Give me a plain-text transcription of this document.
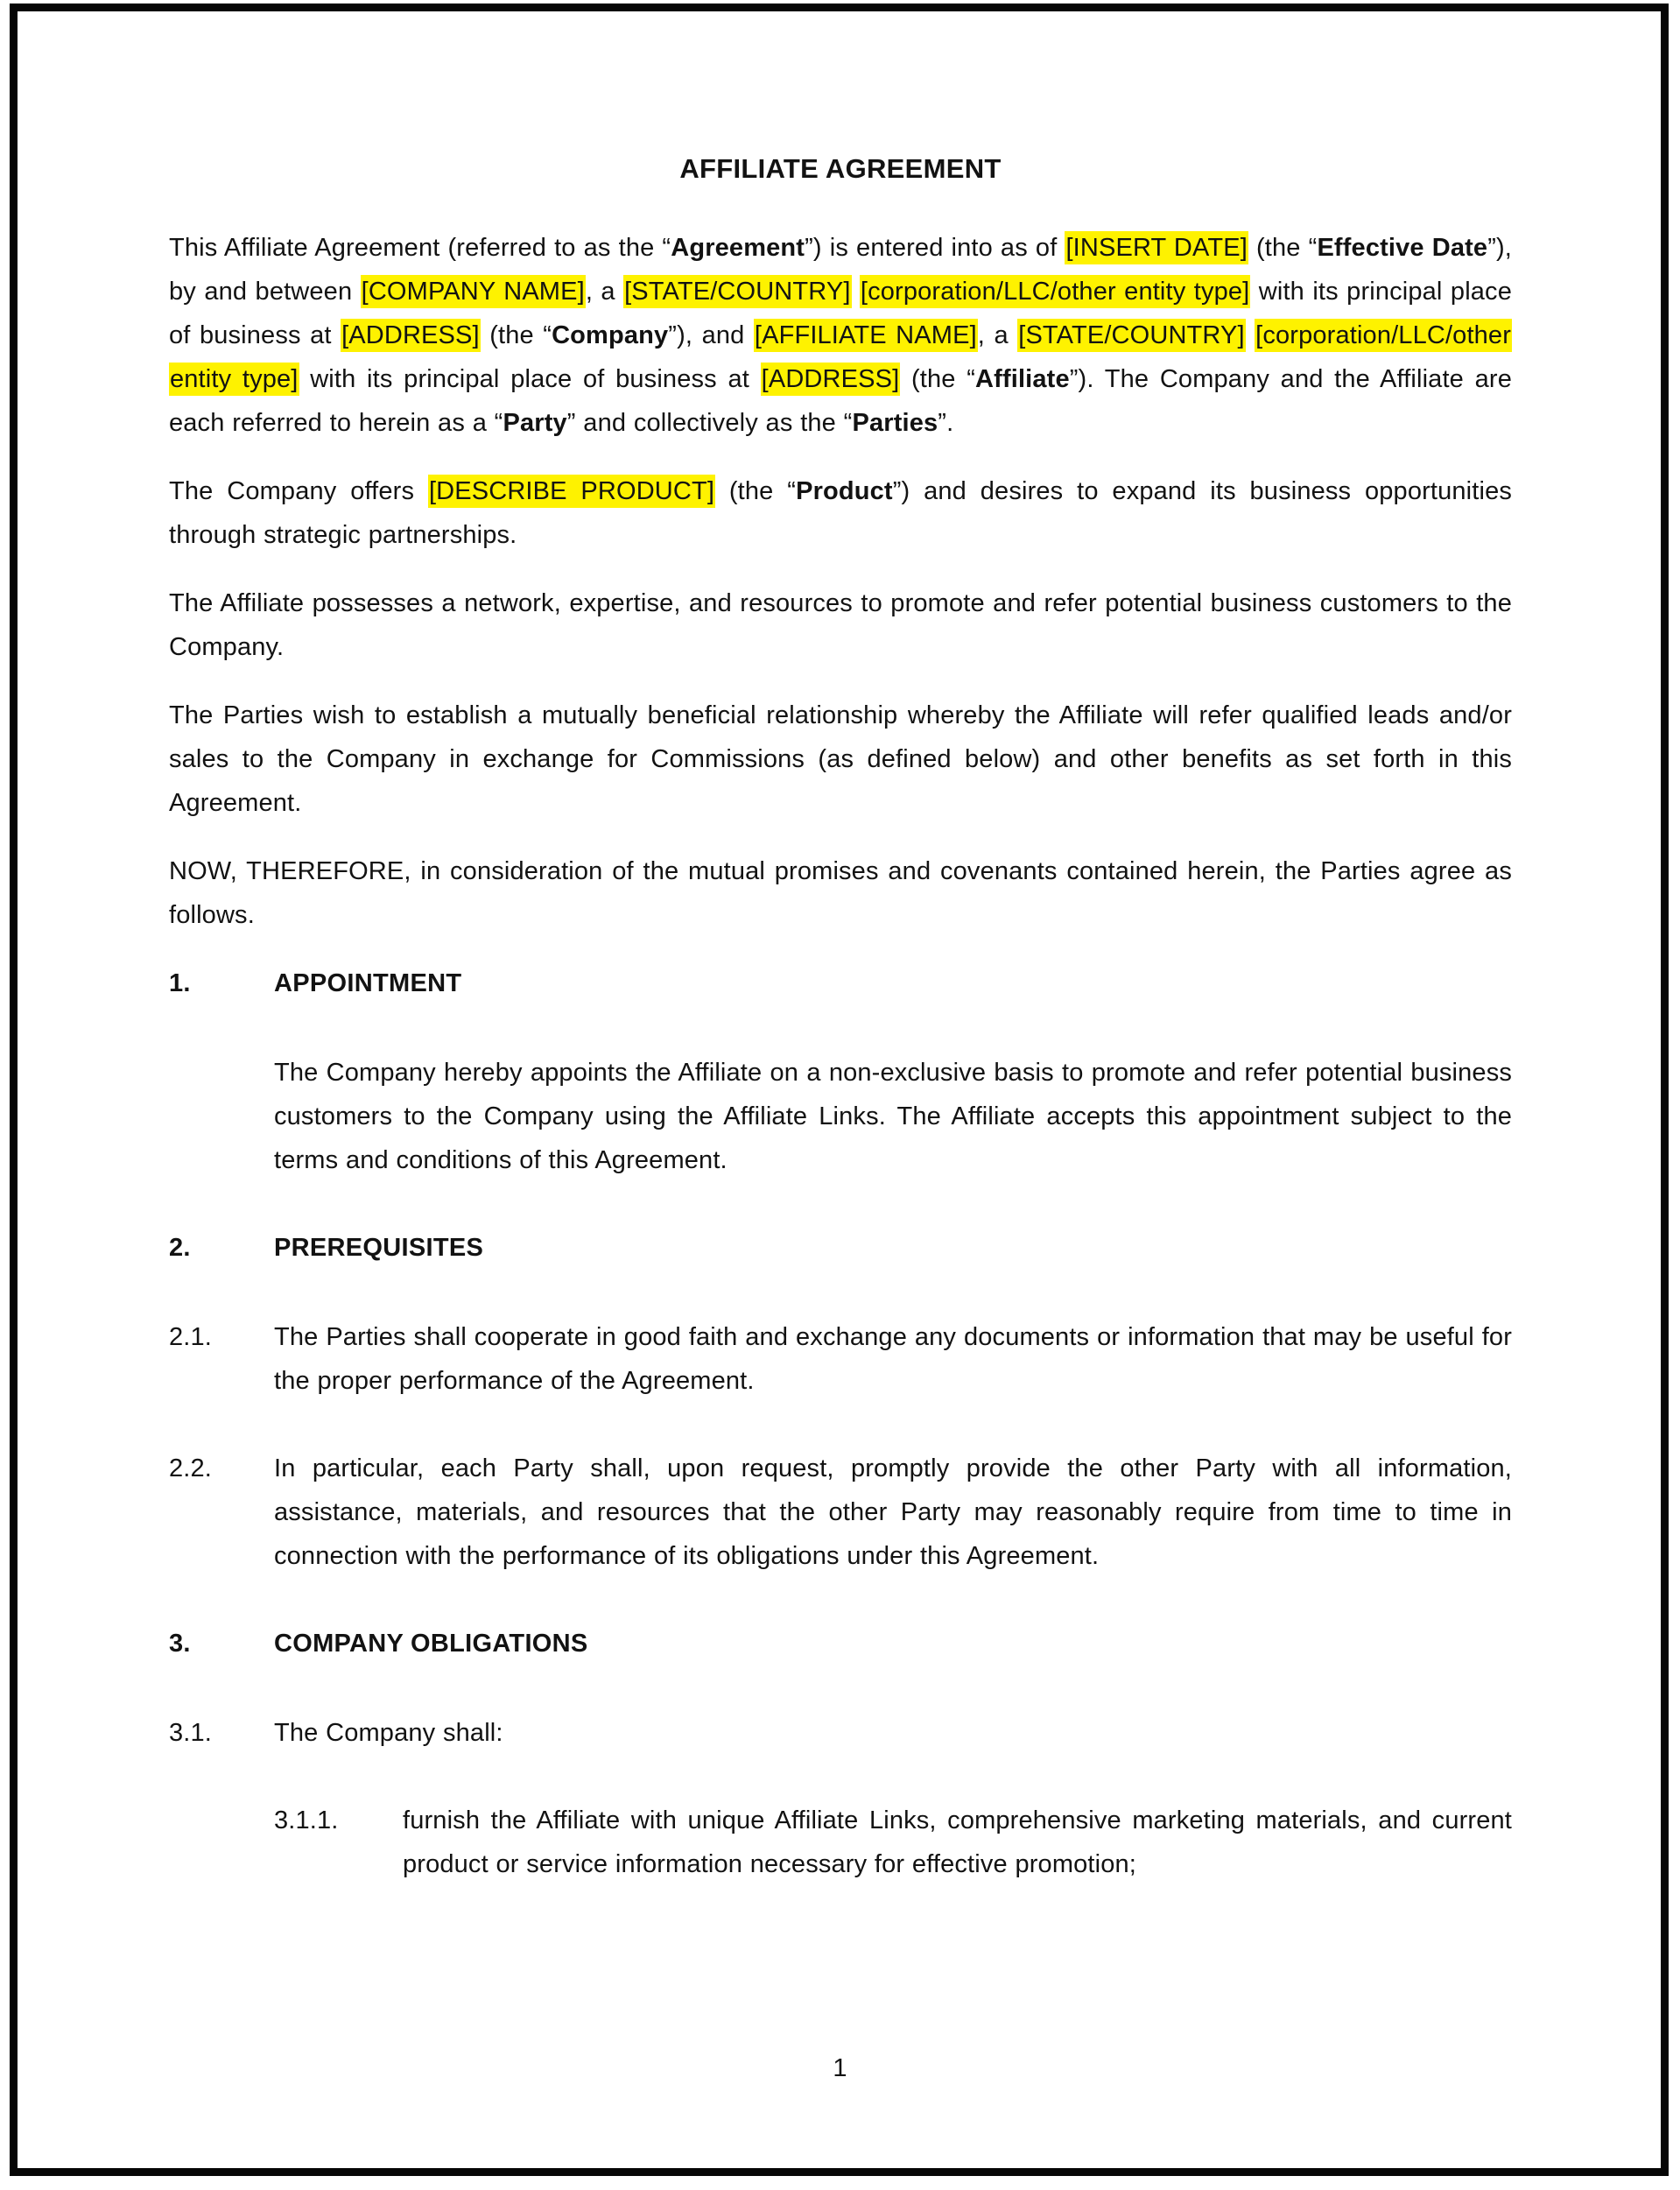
AFFILIATE AGREEMENT

This Affiliate Agreement (referred to as the “Agreement”) is entered into as of [INSERT DATE] (the “Effective Date”), by and between [COMPANY NAME], a [STATE/COUNTRY] [corporation/LLC/other entity type] with its principal place of business at [ADDRESS] (the “Company”), and [AFFILIATE NAME], a [STATE/COUNTRY] [corporation/LLC/other entity type] with its principal place of business at [ADDRESS] (the “Affiliate”). The Company and the Affiliate are each referred to herein as a “Party” and collectively as the “Parties”.

The Company offers [DESCRIBE PRODUCT] (the “Product”) and desires to expand its business opportunities through strategic partnerships.

The Affiliate possesses a network, expertise, and resources to promote and refer potential business customers to the Company.

The Parties wish to establish a mutually beneficial relationship whereby the Affiliate will refer qualified leads and/or sales to the Company in exchange for Commissions (as defined below) and other benefits as set forth in this Agreement.

NOW, THEREFORE, in consideration of the mutual promises and covenants contained herein, the Parties agree as follows.

1.	APPOINTMENT
The Company hereby appoints the Affiliate on a non-exclusive basis to promote and refer potential business customers to the Company using the Affiliate Links. The Affiliate accepts this appointment subject to the terms and conditions of this Agreement.
2.	PREREQUISITES
2.1.	The Parties shall cooperate in good faith and exchange any documents or information that may be useful for the proper performance of the Agreement.
2.2.	In particular, each Party shall, upon request, promptly provide the other Party with all information, assistance, materials, and resources that the other Party may reasonably require from time to time in connection with the performance of its obligations under this Agreement.
3.	COMPANY OBLIGATIONS
3.1.	The Company shall:
3.1.1.	furnish the Affiliate with unique Affiliate Links, comprehensive marketing materials, and current product or service information necessary for effective promotion;
1
